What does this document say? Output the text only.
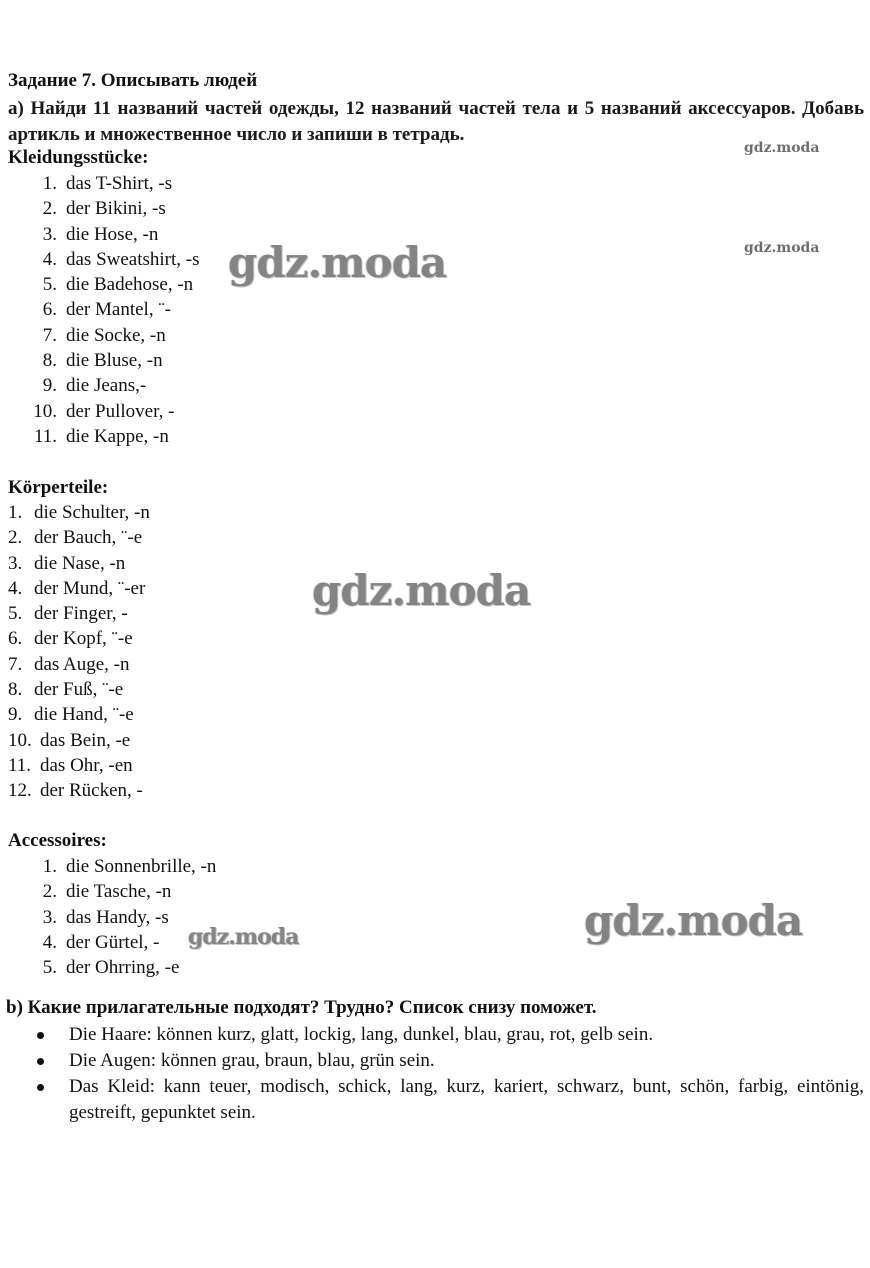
Задание 7. Описывать людей

а) Найди 11 названий частей одежды, 12 названий частей тела и 5 названий аксессуаров. Добавь артикль и множественное число и запиши в тетрадь.

Kleidungsstücke:
1. das T-Shirt, -s
2. der Bikini, -s
3. die Hose, -n
4. das Sweatshirt, -s
5. die Badehose, -n
6. der Mantel, ¨-
7. die Socke, -n
8. die Bluse, -n
9. die Jeans,-
10. der Pullover, -
11. die Kappe, -n
Körperteile:
1. die Schulter, -n
2. der Bauch, ¨-e
3. die Nase, -n
4. der Mund, ¨-er
5. der Finger, -
6. der Kopf, ¨-e
7. das Auge, -n
8. der Fuß, ¨-e
9. die Hand, ¨-e
10. das Bein, -e
11. das Ohr, -en
12. der Rücken, -
Accessoires:
1. die Sonnenbrille, -n
2. die Tasche, -n
3. das Handy, -s
4. der Gürtel, -
5. der Ohrring, -e
b) Какие прилагательные подходят? Трудно? Список снизу поможет.
Die Haare: können kurz, glatt, lockig, lang, dunkel, blau, grau, rot, gelb sein.
Die Augen: können grau, braun, blau, grün sein.
Das Kleid: kann teuer, modisch, schick, lang, kurz, kariert, schwarz, bunt, schön, farbig, eintönig, gestreift, gepunktet sein.
gdz.moda
gdz.moda
gdz.moda
gdz.moda
gdz.moda
gdz.moda
